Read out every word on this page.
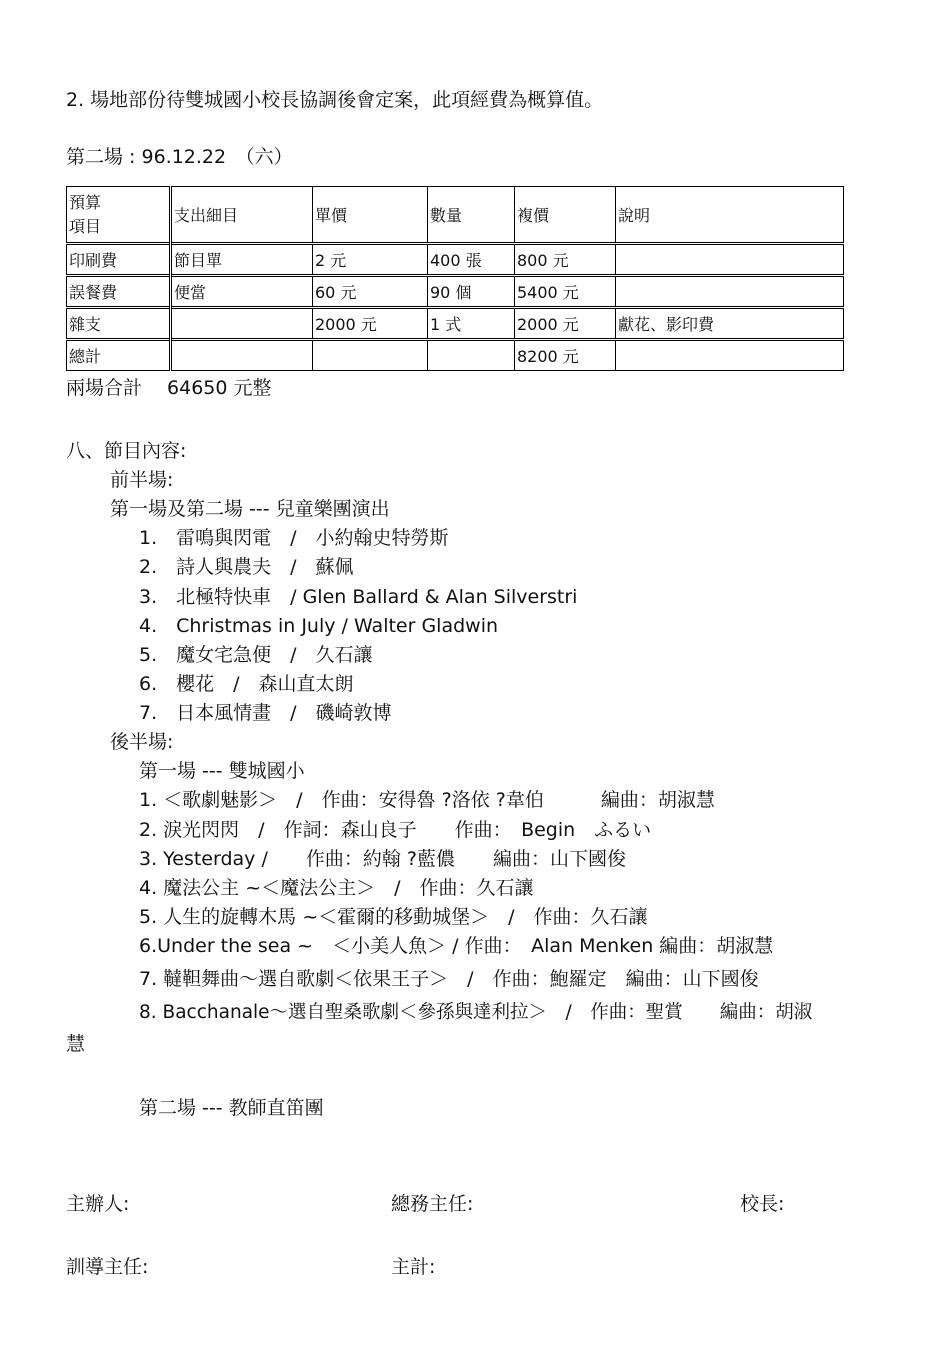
2. 場地部份待雙城國小校長協調後會定案，此項經費為概算值。
第二場 : 96.12.22　（六）
預算
項目	支出細目	單價	數量	複價	說明
印刷費	節目單	2 元	400 張	800 元	
誤餐費	便當	60 元	90 個	5400 元	
雜支		2000 元	1 式	2000 元	獻花、影印費
總計				8200 元	
兩場合計　 64650 元整
八、節目內容:
前半場:
第一場及第二場 --- 兒童樂團演出
1.　雷鳴與閃電　/　小約翰史特勞斯
2.　詩人與農夫　/　蘇佩
3.　北極特快車　/ Glen Ballard & Alan Silverstri
4.　Christmas in July / Walter Gladwin
5.　魔女宅急便　/　久石讓
6.　櫻花　/　森山直太朗
7.　日本風情畫　/　磯崎敦博
後半場:
第一場 --- 雙城國小
1. ＜歌劇魅影＞　/　作曲：安得魯 ?洛依 ?韋伯　　　編曲：胡淑慧
2. 淚光閃閃　/　作詞：森山良子　　作曲：　Begin　ふるい
3. Yesterday /　　作曲：約翰 ?藍儂　　編曲：山下國俊
4. 魔法公主 ~＜魔法公主＞　/　作曲：久石讓
5. 人生的旋轉木馬 ~＜霍爾的移動城堡＞　/　作曲：久石讓
6.Under the sea ~　＜小美人魚＞ / 作曲：　Alan Menken 編曲：胡淑慧
7. 韃靼舞曲～選自歌劇＜依果王子＞　/　作曲：鮑羅定　編曲：山下國俊
8. Bacchanale～選自聖桑歌劇＜參孫與達利拉＞　/　作曲：聖賞　　編曲：胡淑
慧
第二場 --- 教師直笛團
主辦人:	總務主任:	校長:
訓導主任:	主計:
